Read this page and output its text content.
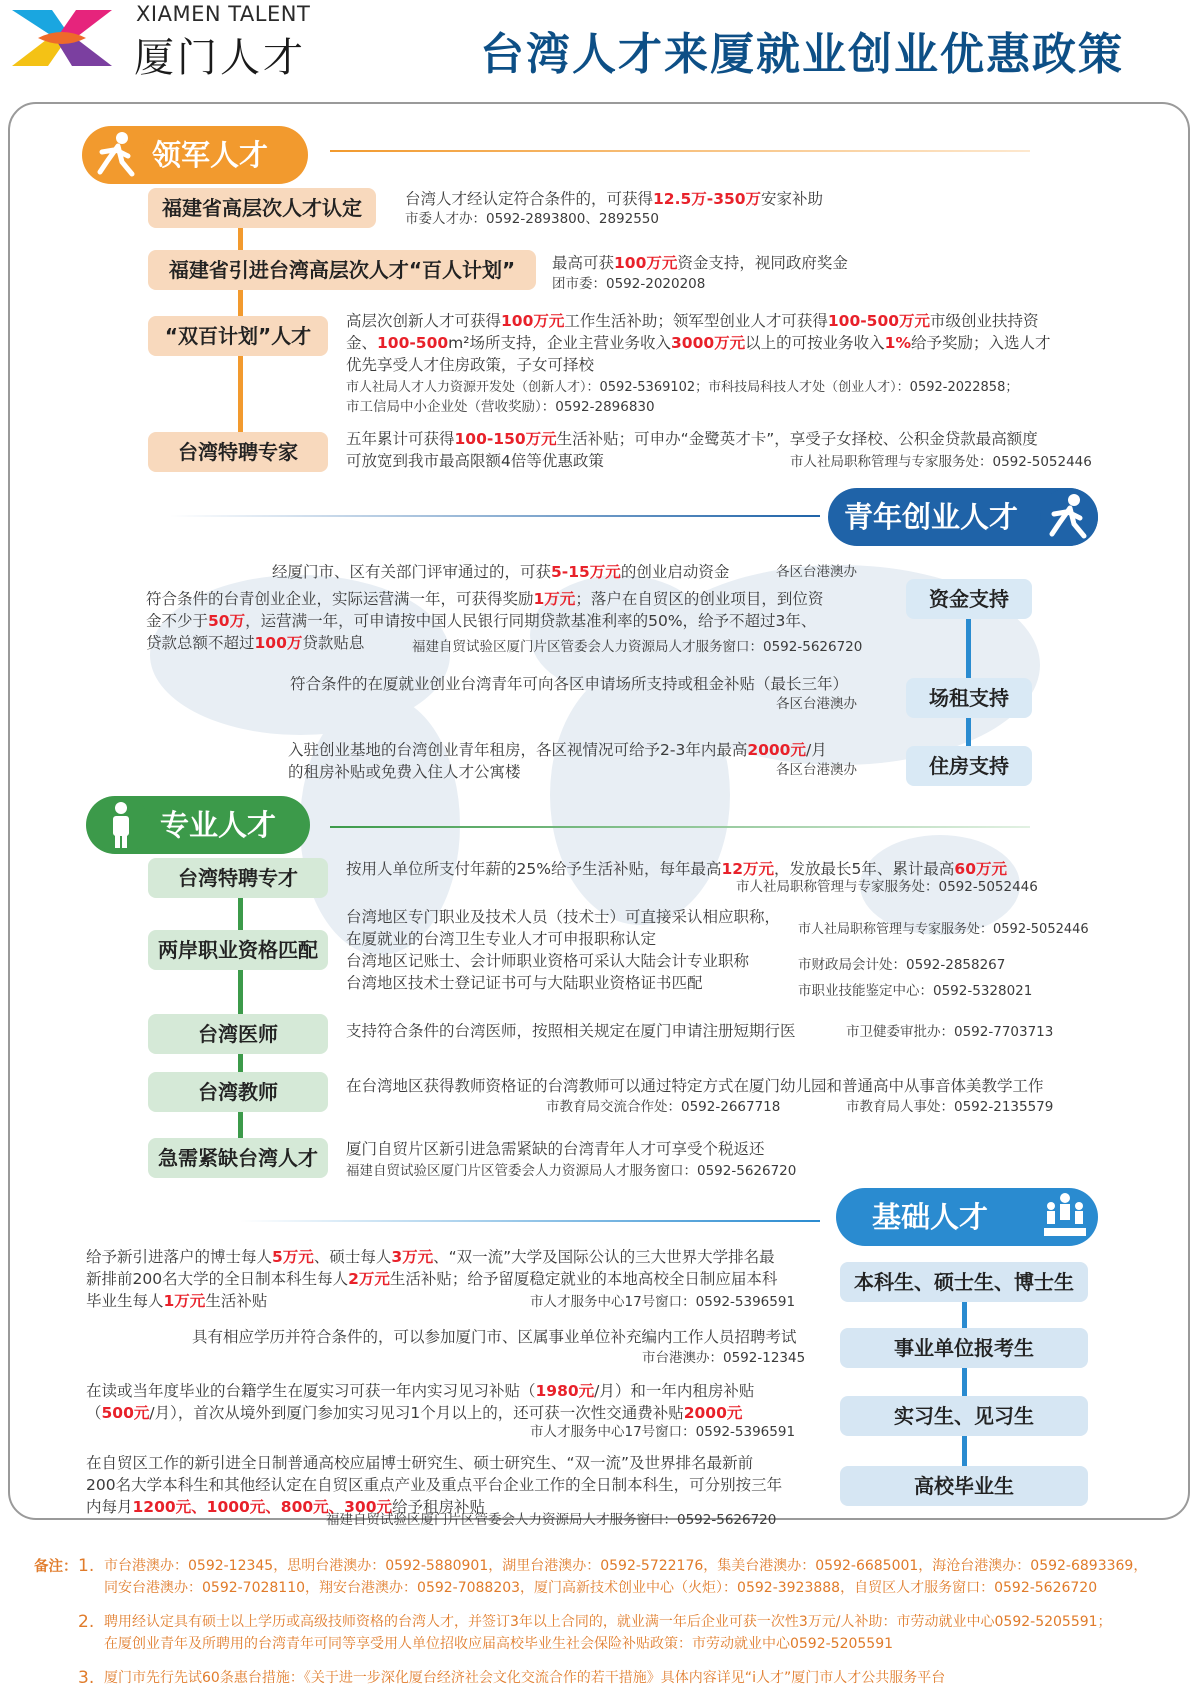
XIAMEN TALENT
厦门人才	台湾人才来厦就业创业优惠政策
领军人才
福建省高层次人才认定	台湾人才经认定符合条件的，可获得12.5万-350万安家补助
市委人才办：0592-2893800、2892550
福建省引进台湾高层次人才“百人计划”	最高可获100万元资金支持，视同政府奖金
团市委：0592-2020208
“双百计划”人才
高层次创新人才可获得100万元工作生活补助；领军型创业人才可获得100-500万元市级创业扶持资
金、100-500m²场所支持，企业主营业务收入3000万元以上的可按业务收入1%给予奖励；入选人才
优先享受人才住房政策，子女可择校
市人社局人才人力资源开发处（创新人才）：0592-5369102；市科技局科技人才处（创业人才）：0592-2022858；
市工信局中小企业处（营收奖励）：0592-2896830
台湾特聘专家
五年累计可获得100-150万元生活补贴；可申办“金鹭英才卡”，享受子女择校、公积金贷款最高额度
可放宽到我市最高限额4倍等优惠政策	市人社局职称管理与专家服务处：0592-5052446
青年创业人才
资金支持
场租支持
住房支持
经厦门市、区有关部门评审通过的，可获5-15万元的创业启动资金	各区台港澳办
符合条件的台青创业企业，实际运营满一年，可获得奖励1万元；落户在自贸区的创业项目，到位资
金不少于50万，运营满一年，可申请按中国人民银行同期贷款基准利率的50%，给予不超过3年、
贷款总额不超过100万贷款贴息	福建自贸试验区厦门片区管委会人力资源局人才服务窗口：0592-5626720
符合条件的在厦就业创业台湾青年可向各区申请场所支持或租金补贴（最长三年）
各区台港澳办
入驻创业基地的台湾创业青年租房，各区视情况可给予2-3年内最高2000元/月
的租房补贴或免费入住人才公寓楼	各区台港澳办
专业人才
台湾特聘专才	按用人单位所支付年薪的25%给予生活补贴，每年最高12万元，发放最长5年、累计最高60万元
市人社局职称管理与专家服务处：0592-5052446
两岸职业资格匹配
台湾地区专门职业及技术人员（技术士）可直接采认相应职称，
在厦就业的台湾卫生专业人才可申报职称认定
台湾地区记账士、会计师职业资格可采认大陆会计专业职称
台湾地区技术士登记证书可与大陆职业资格证书匹配
市人社局职称管理与专家服务处：0592-5052446
市财政局会计处：0592-2858267
市职业技能鉴定中心：0592-5328021
台湾医师	支持符合条件的台湾医师，按照相关规定在厦门申请注册短期行医	市卫健委审批办：0592-7703713
台湾教师	在台湾地区获得教师资格证的台湾教师可以通过特定方式在厦门幼儿园和普通高中从事音体美教学工作
市教育局交流合作处：0592-2667718	市教育局人事处：0592-2135579
急需紧缺台湾人才	厦门自贸片区新引进急需紧缺的台湾青年人才可享受个税返还
福建自贸试验区厦门片区管委会人力资源局人才服务窗口：0592-5626720
基础人才
本科生、硕士生、博士生
事业单位报考生
实习生、见习生
高校毕业生
给予新引进落户的博士每人5万元、硕士每人3万元、“双一流”大学及国际公认的三大世界大学排名最
新排前200名大学的全日制本科生每人2万元生活补贴；给予留厦稳定就业的本地高校全日制应届本科
毕业生每人1万元生活补贴	市人才服务中心17号窗口：0592-5396591
具有相应学历并符合条件的，可以参加厦门市、区属事业单位补充编内工作人员招聘考试
市台港澳办：0592-12345
在读或当年度毕业的台籍学生在厦实习可获一年内实习见习补贴（1980元/月）和一年内租房补贴
（500元/月），首次从境外到厦门参加实习见习1个月以上的，还可获一次性交通费补贴2000元
市人才服务中心17号窗口：0592-5396591
在自贸区工作的新引进全日制普通高校应届博士研究生、硕士研究生、“双一流”及世界排名最新前
200名大学本科生和其他经认定在自贸区重点产业及重点平台企业工作的全日制本科生，可分别按三年
内每月1200元、1000元、800元、300元给予租房补贴
福建自贸试验区厦门片区管委会人力资源局人才服务窗口：0592-5626720
备注： 1. 市台港澳办：0592-12345，思明台港澳办：0592-5880901，湖里台港澳办：0592-5722176，集美台港澳办：0592-6685001，海沧台港澳办：0592-6893369，
同安台港澳办：0592-7028110，翔安台港澳办：0592-7088203，厦门高新技术创业中心（火炬）：0592-3923888，自贸区人才服务窗口：0592-5626720
2. 聘用经认定具有硕士以上学历或高级技师资格的台湾人才，并签订3年以上合同的，就业满一年后企业可获一次性3万元/人补助：市劳动就业中心0592-5205591；
在厦创业青年及所聘用的台湾青年可同等享受用人单位招收应届高校毕业生社会保险补贴政策：市劳动就业中心0592-5205591
3. 厦门市先行先试60条惠台措施：《关于进一步深化厦台经济社会文化交流合作的若干措施》具体内容详见“i人才”厦门市人才公共服务平台
